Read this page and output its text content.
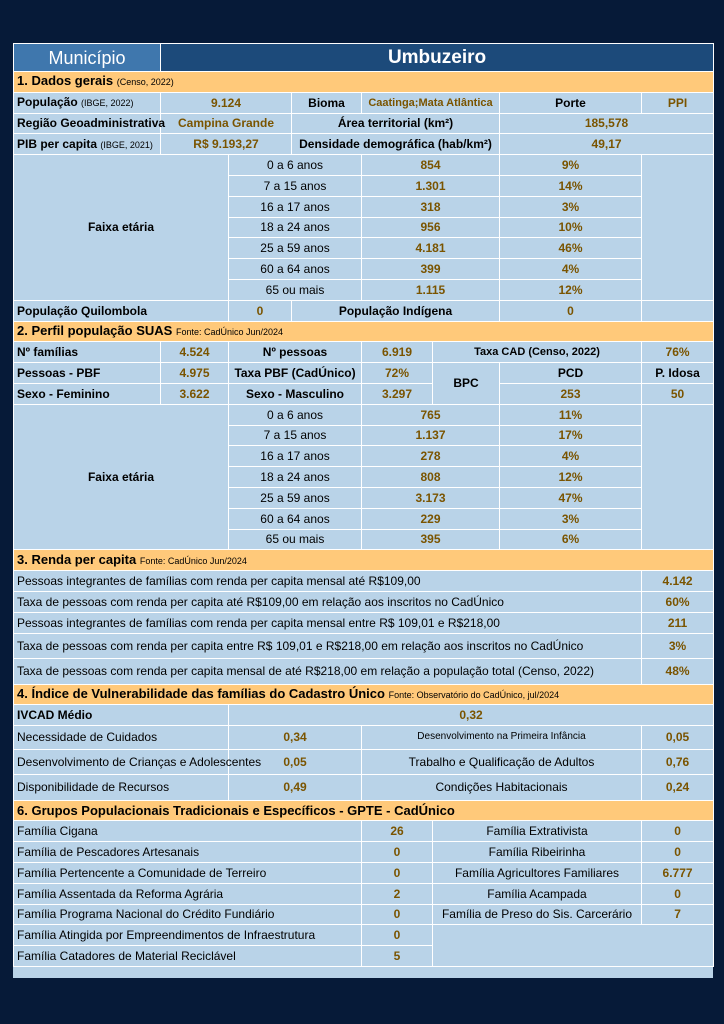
Município	Umbuzeiro						
1. Dados gerais (Censo, 2022)							
População (IBGE, 2022)	9.124		Bioma	Caatinga;Mata Atlântica		Porte	PPI
Região Geoadministrativa	Campina Grande		Área territorial (km²)			185,578	
PIB per capita (IBGE, 2021)	R$ 9.193,27		Densidade demográfica (hab/km²)			49,17	
Faixa etária		0 a 6 anos		854		9%	
		7 a 15 anos		1.301		14%	
		16 a 17 anos		318		3%	
		18 a 24 anos		956		10%	
		25 a 59 anos		4.181		46%	
		60 a 64 anos		399		4%	
		65 ou mais		1.115		12%	
População Quilombola		0	População Indígena			0	
2. Perfil população SUAS Fonte: CadÚnico Jun/2024							
Nº famílias	4.524	Nº pessoas		6.919	Taxa CAD (Censo, 2022)		76%
Pessoas - PBF	4.975	Taxa PBF (CadÚnico)		72%	BPC	PCD	P. Idosa
Sexo - Feminino	3.622	Sexo - Masculino		3.297		253	50
Faixa etária		0 a 6 anos		765		11%	
		7 a 15 anos		1.137		17%	
		16 a 17 anos		278		4%	
		18 a 24 anos		808		12%	
		25 a 59 anos		3.173		47%	
		60 a 64 anos		229		3%	
		65 ou mais		395		6%	
3. Renda per capita Fonte: CadÚnico Jun/2024							
Pessoas integrantes de famílias com renda per capita mensal até R$109,00							4.142
Taxa de pessoas com renda per capita até R$109,00 em relação aos inscritos no CadÚnico							60%
Pessoas integrantes de famílias com renda per capita mensal entre R$ 109,01 e R$218,00							211
Taxa de pessoas com renda per capita entre R$ 109,01 e R$218,00 em relação aos inscritos no CadÚnico							3%
Taxa de pessoas com renda per capita mensal de até R$218,00 em relação a população total (Censo, 2022)							48%
4. Índice de Vulnerabilidade das famílias do Cadastro Único Fonte: Observatório do CadÚnico, jul/2024							
IVCAD Médio		0,32					
Necessidade de Cuidados		0,34		Desenvolvimento na Primeira Infância			0,05
Desenvolvimento de Crianças e Adolescentes		0,05		Trabalho e Qualificação de Adultos			0,76
Disponibilidade de Recursos		0,49		Condições Habitacionais			0,24
6. Grupos Populacionais Tradicionais e Específicos - GPTE - CadÚnico							
Família Cigana				26	Família Extrativista		0
Família de Pescadores Artesanais				0	Família Ribeirinha		0
Família Pertencente a Comunidade de Terreiro				0	Família Agricultores Familiares		6.777
Família Assentada da Reforma Agrária				2	Família Acampada		0
Família Programa Nacional do Crédito Fundiário				0	Família de Preso do Sis. Carcerário		7
Família Atingida por Empreendimentos de Infraestrutura				0			
Família Catadores de Material Reciclável				5			
